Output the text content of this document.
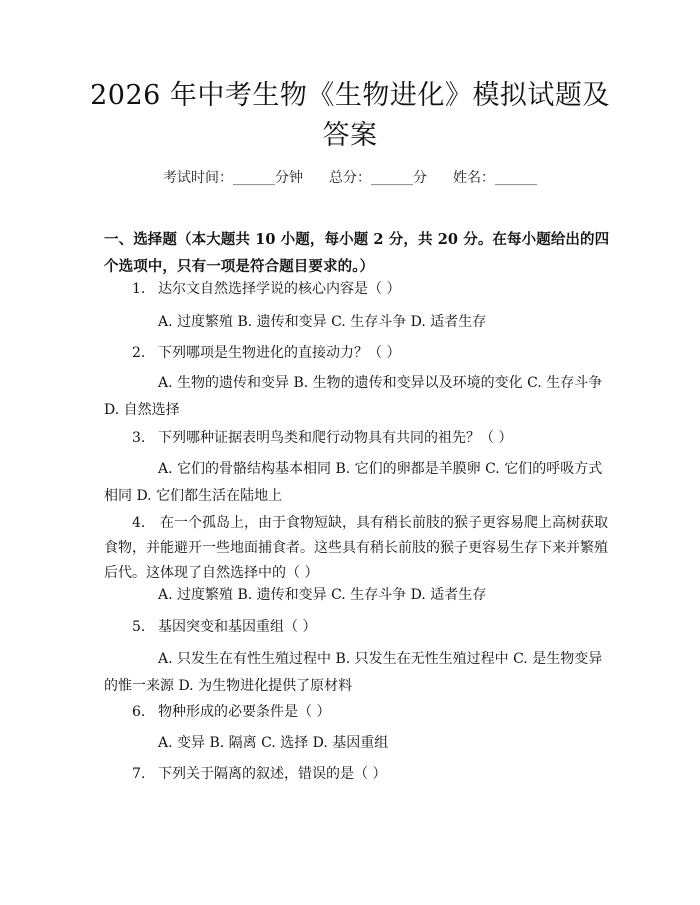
2026 年中考生物《生物进化》模拟试题及答案
考试时间：______分钟 总分：______分 姓名：______
一、选择题（本大题共 10 小题，每小题 2 分，共 20 分。在每小题给出的四个选项中，只有一项是符合题目要求的。）
1. 达尔文自然选择学说的核心内容是（ ）
A. 过度繁殖 B. 遗传和变异 C. 生存斗争 D. 适者生存
2. 下列哪项是生物进化的直接动力？（ ）
A. 生物的遗传和变异 B. 生物的遗传和变异以及环境的变化 C. 生存斗争 D. 自然选择
3. 下列哪种证据表明鸟类和爬行动物具有共同的祖先？（ ）
A. 它们的骨骼结构基本相同 B. 它们的卵都是羊膜卵 C. 它们的呼吸方式相同 D. 它们都生活在陆地上
4. 在一个孤岛上，由于食物短缺，具有稍长前肢的猴子更容易爬上高树获取食物，并能避开一些地面捕食者。这些具有稍长前肢的猴子更容易生存下来并繁殖后代。这体现了自然选择中的（ ）
A. 过度繁殖 B. 遗传和变异 C. 生存斗争 D. 适者生存
5. 基因突变和基因重组（ ）
A. 只发生在有性生殖过程中 B. 只发生在无性生殖过程中 C. 是生物变异的惟一来源 D. 为生物进化提供了原材料
6. 物种形成的必要条件是（ ）
A. 变异 B. 隔离 C. 选择 D. 基因重组
7. 下列关于隔离的叙述，错误的是（ ）
